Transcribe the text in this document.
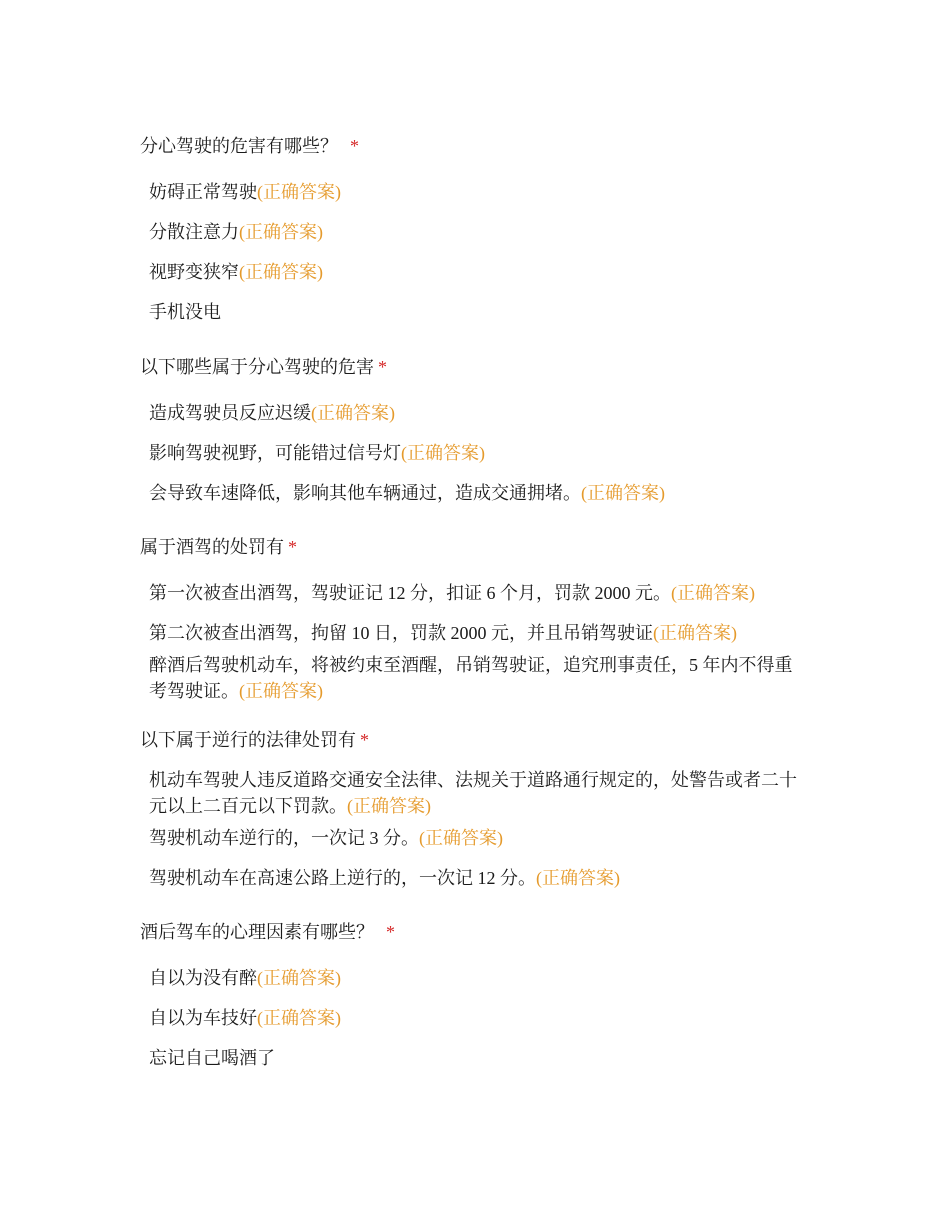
分心驾驶的危害有哪些？ *

妨碍正常驾驶(正确答案)
分散注意力(正确答案)
视野变狭窄(正确答案)
手机没电

以下哪些属于分心驾驶的危害 *

造成驾驶员反应迟缓(正确答案)
影响驾驶视野，可能错过信号灯(正确答案)
会导致车速降低，影响其他车辆通过，造成交通拥堵。(正确答案)

属于酒驾的处罚有 *

第一次被查出酒驾，驾驶证记 12 分，扣证 6 个月，罚款 2000 元。(正确答案)
第二次被查出酒驾，拘留 10 日，罚款 2000 元，并且吊销驾驶证(正确答案)
醉酒后驾驶机动车，将被约束至酒醒，吊销驾驶证，追究刑事责任，5 年内不得重考驾驶证。(正确答案)

以下属于逆行的法律处罚有 *

机动车驾驶人违反道路交通安全法律、法规关于道路通行规定的，处警告或者二十元以上二百元以下罚款。(正确答案)
驾驶机动车逆行的，一次记 3 分。(正确答案)
驾驶机动车在高速公路上逆行的，一次记 12 分。(正确答案)

酒后驾车的心理因素有哪些？ *

自以为没有醉(正确答案)
自以为车技好(正确答案)
忘记自己喝酒了
